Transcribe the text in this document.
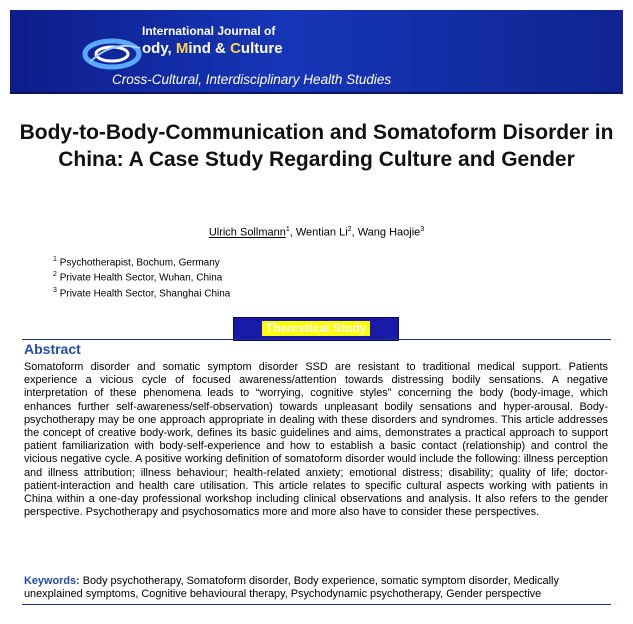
International Journal of
ody, Mind & Culture
Cross-Cultural, Interdisciplinary Health Studies
Body-to-Body-Communication and Somatoform Disorder in China: A Case Study Regarding Culture and Gender
Ulrich Sollmann$^1$, Wentian Li$^2$, Wang Haojie$^3$
$^1$ Psychotherapist, Bochum, Germany
$^2$ Private Health Sector, Wuhan, China
$^3$ Private Health Sector, Shanghai China
Theoretical Study
Abstract
Somatoform disorder and somatic symptom disorder SSD are resistant to traditional medical support. Patients experience a vicious cycle of focused awareness/attention towards distressing bodily sensations. A negative interpretation of these phenomena leads to “worrying, cognitive styles” concerning the body (body-image, which enhances further self-awareness/self-observation) towards unpleasant bodily sensations and hyper-arousal. Body-psychotherapy may be one approach appropriate in dealing with these disorders and syndromes. This article addresses the concept of creative body-work, defines its basic guidelines and aims, demonstrates a practical approach to support patient familiarization with body-self-experience and how to establish a basic contact (relationship) and control the vicious negative cycle. A positive working definition of somatoform disorder would include the following: illness perception and illness attribution; illness behaviour; health-related anxiety; emotional distress; disability; quality of life; doctor-patient-interaction and health care utilisation. This article relates to specific cultural aspects working with patients in China within a one-day professional workshop including clinical observations and analysis. It also refers to the gender perspective. Psychotherapy and psychosomatics more and more also have to consider these perspectives.
Keywords: Body psychotherapy, Somatoform disorder, Body experience, somatic symptom disorder, Medically unexplained symptoms, Cognitive behavioural therapy, Psychodynamic psychotherapy, Gender perspective
